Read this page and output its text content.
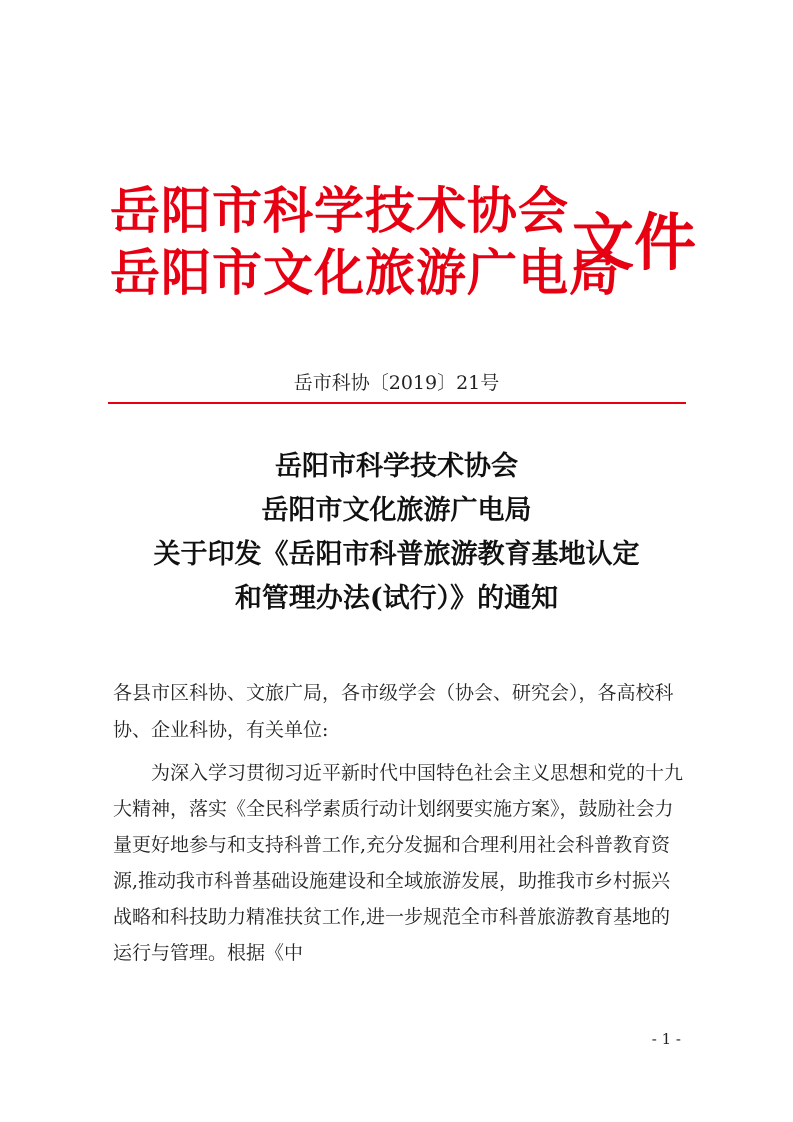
岳阳市科学技术协会
岳阳市文化旅游广电局
文件
岳市科协〔2019〕21号
岳阳市科学技术协会
岳阳市文化旅游广电局
关于印发《岳阳市科普旅游教育基地认定
和管理办法(试行）》的通知
各县市区科协、文旅广局，各市级学会（协会、研究会），各高校科协、企业科协，有关单位:
为深入学习贯彻习近平新时代中国特色社会主义思想和党的十九大精神，落实《全民科学素质行动计划纲要实施方案》，鼓励社会力量更好地参与和支持科普工作,充分发掘和合理利用社会科普教育资源,推动我市科普基础设施建设和全域旅游发展，助推我市乡村振兴战略和科技助力精准扶贫工作,进一步规范全市科普旅游教育基地的运行与管理。根据《中
- 1 -
